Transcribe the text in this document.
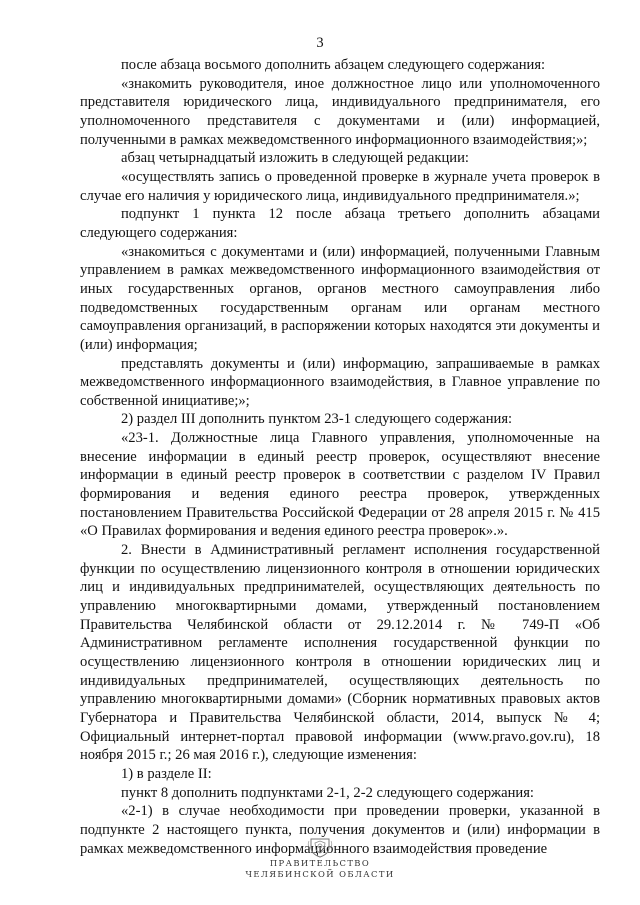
3

после абзаца восьмого дополнить абзацем следующего содержания:

«знакомить руководителя, иное должностное лицо или уполномоченного представителя юридического лица, индивидуального предпринимателя, его уполномоченного представителя с документами и (или) информацией, полученными в рамках межведомственного информационного взаимодействия;»;

абзац четырнадцатый изложить в следующей редакции:

«осуществлять запись о проведенной проверке в журнале учета проверок в случае его наличия у юридического лица, индивидуального предпринимателя.»;

подпункт 1 пункта 12 после абзаца третьего дополнить абзацами следующего содержания:

«знакомиться с документами и (или) информацией, полученными Главным управлением в рамках межведомственного информационного взаимодействия от иных государственных органов, органов местного самоуправления либо подведомственных государственным органам или органам местного самоуправления организаций, в распоряжении которых находятся эти документы и (или) информация;

представлять документы и (или) информацию, запрашиваемые в рамках межведомственного информационного взаимодействия, в Главное управление по собственной инициативе;»;

2) раздел III дополнить пунктом 23-1 следующего содержания:

«23-1. Должностные лица Главного управления, уполномоченные на внесение информации в единый реестр проверок, осуществляют внесение информации в единый реестр проверок в соответствии с разделом IV Правил формирования и ведения единого реестра проверок, утвержденных постановлением Правительства Российской Федерации от 28 апреля 2015 г. № 415 «О Правилах формирования и ведения единого реестра проверок».».

2. Внести в Административный регламент исполнения государственной функции по осуществлению лицензионного контроля в отношении юридических лиц и индивидуальных предпринимателей, осуществляющих деятельность по управлению многоквартирными домами, утвержденный постановлением Правительства Челябинской области от 29.12.2014 г. № 749-П «Об Административном регламенте исполнения государственной функции по осуществлению лицензионного контроля в отношении юридических лиц и индивидуальных предпринимателей, осуществляющих деятельность по управлению многоквартирными домами» (Сборник нормативных правовых актов Губернатора и Правительства Челябинской области, 2014, выпуск № 4; Официальный интернет-портал правовой информации (www.pravo.gov.ru), 18 ноября 2015 г.; 26 мая 2016 г.), следующие изменения:

1) в разделе II:

пункт 8 дополнить подпунктами 2-1, 2-2 следующего содержания:

«2-1) в случае необходимости при проведении проверки, указанной в подпункте 2 настоящего пункта, получения документов и (или) информации в рамках межведомственного информационного взаимодействия проведение

ПРАВИТЕЛЬСТВО
ЧЕЛЯБИНСКОЙ ОБЛАСТИ
